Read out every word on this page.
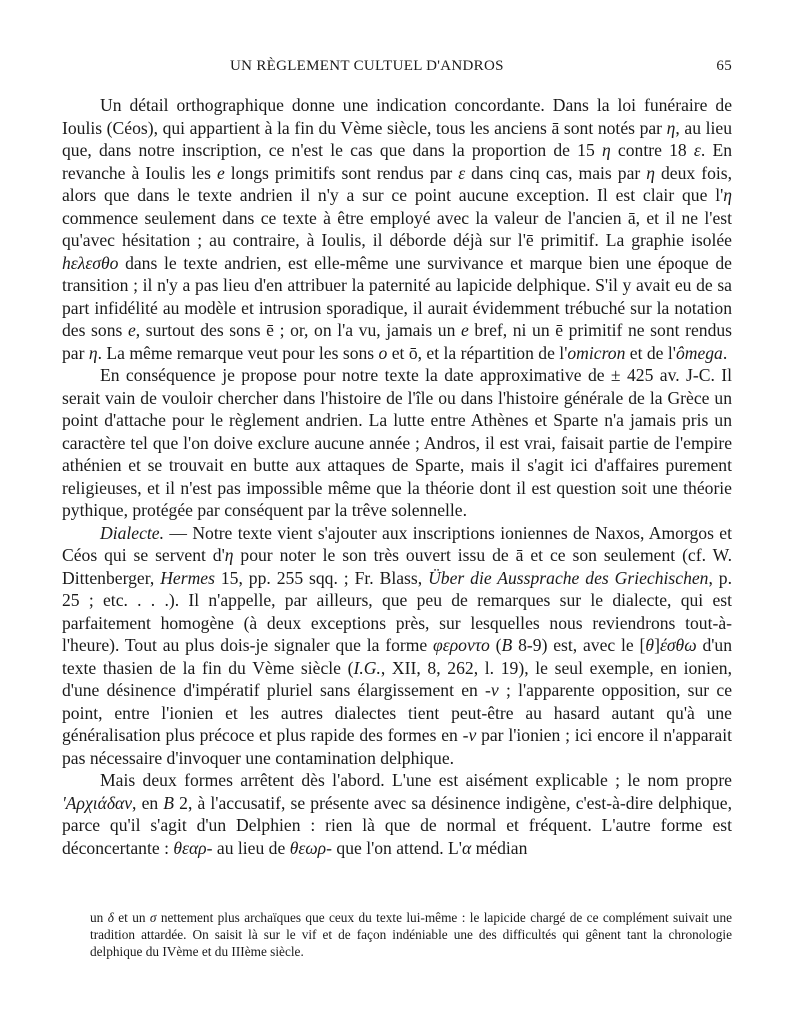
UN RÈGLEMENT CULTUEL D'ANDROS	65

Un détail orthographique donne une indication concordante. Dans la loi funéraire de Ioulis (Céos), qui appartient à la fin du Vème siècle, tous les anciens ā sont notés par η, au lieu que, dans notre inscription, ce n'est le cas que dans la proportion de 15 η contre 18 ε. En revanche à Ioulis les e longs primitifs sont rendus par ε dans cinq cas, mais par η deux fois, alors que dans le texte andrien il n'y a sur ce point aucune exception. Il est clair que l'η commence seulement dans ce texte à être employé avec la valeur de l'ancien ā, et il ne l'est qu'avec hésitation ; au contraire, à Ioulis, il déborde déjà sur l'ē primitif. La graphie isolée hελεσθο dans le texte andrien, est elle-même une survivance et marque bien une époque de transition ; il n'y a pas lieu d'en attribuer la paternité au lapicide delphique. S'il y avait eu de sa part infidélité au modèle et intrusion sporadique, il aurait évidemment trébuché sur la notation des sons e, surtout des sons ē ; or, on l'a vu, jamais un e bref, ni un ē primitif ne sont rendus par η. La même remarque veut pour les sons o et ō, et la répartition de l'omicron et de l'ômega.

En conséquence je propose pour notre texte la date approximative de ± 425 av. J-C. Il serait vain de vouloir chercher dans l'histoire de l'île ou dans l'histoire générale de la Grèce un point d'attache pour le règlement andrien. La lutte entre Athènes et Sparte n'a jamais pris un caractère tel que l'on doive exclure aucune année ; Andros, il est vrai, faisait partie de l'empire athénien et se trouvait en butte aux attaques de Sparte, mais il s'agit ici d'affaires purement religieuses, et il n'est pas impossible même que la théorie dont il est question soit une théorie pythique, protégée par conséquent par la trêve solennelle.

Dialecte. — Notre texte vient s'ajouter aux inscriptions ioniennes de Naxos, Amorgos et Céos qui se servent d'η pour noter le son très ouvert issu de ā et ce son seulement (cf. W. Dittenberger, Hermes 15, pp. 255 sqq. ; Fr. Blass, Über die Aussprache des Griechischen, p. 25 ; etc. . . .). Il n'appelle, par ailleurs, que peu de remarques sur le dialecte, qui est parfaitement homogène (à deux exceptions près, sur lesquelles nous reviendrons tout-à-l'heure). Tout au plus dois-je signaler que la forme φερoντo (B 8-9) est, avec le [θ]έσθω d'un texte thasien de la fin du Vème siècle (I.G., XII, 8, 262, l. 19), le seul exemple, en ionien, d'une désinence d'impératif pluriel sans élargissement en -ν ; l'apparente opposition, sur ce point, entre l'ionien et les autres dialectes tient peut-être au hasard autant qu'à une généralisation plus précoce et plus rapide des formes en -ν par l'ionien ; ici encore il n'apparait pas nécessaire d'invoquer une contamination delphique.

Mais deux formes arrêtent dès l'abord. L'une est aisément explicable ; le nom propre 'Aρχιάδαν, en B 2, à l'accusatif, se présente avec sa désinence indigène, c'est-à-dire delphique, parce qu'il s'agit d'un Delphien : rien là que de normal et fréquent. L'autre forme est déconcertante : θεαρ- au lieu de θεωρ- que l'on attend. L'α médian

un δ et un σ nettement plus archaïques que ceux du texte lui-même : le lapicide chargé de ce complément suivait une tradition attardée. On saisit là sur le vif et de façon indéniable une des difficultés qui gênent tant la chronologie delphique du IVème et du IIIème siècle.
